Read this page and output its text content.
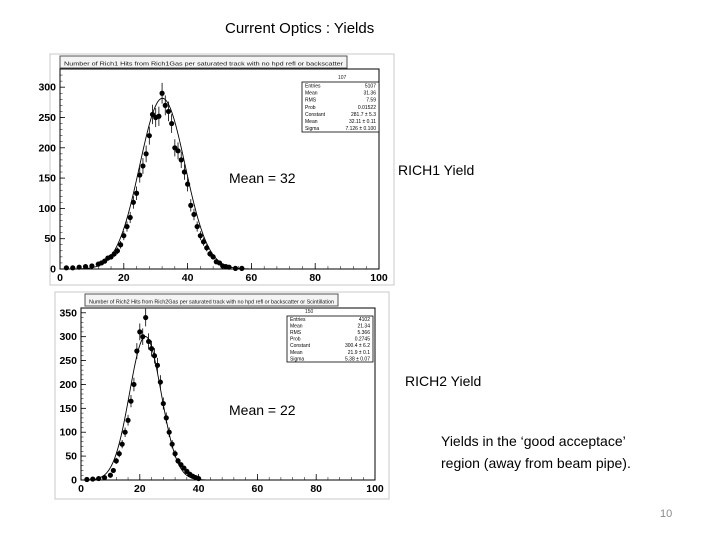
Current Optics : Yields
Number of Rich1 Hits from Rich1Gas per saturated track with no hpd refl or backscatter
107
0
50
100
150
200
250
300
0	20	40	60	80	100
Entries	5107
Mean	31.36
RMS	7.59
Prob	0.01522
Constant	281.7 ± 5.3
Mean	32.11 ± 0.11
Sigma	7.126 ± 0.100
Number of Rich2 Hits from Rich2Gas per saturated track with no hpd refl or backscatter or Scintillation
150
0
50
100
150
200
250
300
350
0	20	40	60	80	100
Entries	4102
Mean	21.34
RMS	5.366
Prob	0.2745
Constant	300.4 ± 6.2
Mean	21.9 ± 0.1
Sigma	5.38 ± 0.07
Mean = 32	RICH1 Yield
RICH2 Yield
Mean = 22
Yields in the ‘good acceptace’
region (away from beam pipe).
10
